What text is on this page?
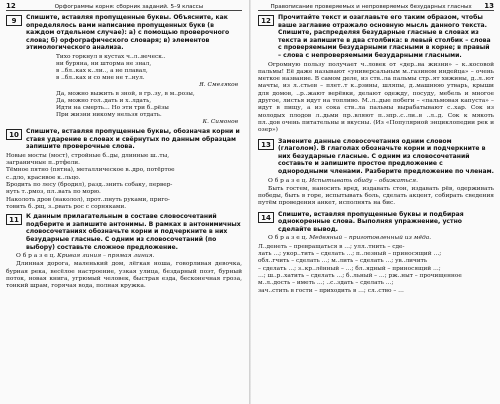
12	Орфограммы корня: сборник заданий. 5–9 классы
9	Спишите, вставляя пропущенные буквы. Объясните, как определялось вами написание пропущенных букв (в каждом отдельном случае): а) с помощью проверочного слова; б) орфографического словаря; в) элементов этимологического анализа.
Тихо горкнул в кустах ч..л..веческ..
ни буряна, ни шторма не знал,
в ..бл..ках к..ли.., а не плавал,
в ..бл..ках и со мне не т..нул.
Я. Смеляков
Да, можно выжить в зной, в гр..зу, в м..розы,
Да, можно гол..дать и х..лдать,
Идти на смерть… Но эти три б..рёзы
При жизни никому нельзя отдать.
К. Симонов
10	Спишите, вставляя пропущенные буквы, обозначая корни и ставя ударение в словах и свёрнутых по данным образцам запишите проверочные слова.
Новые мосты (мост), стройные б..ды, длинные ш..ты,
заграничные п..ртфели.
Тёмное пятно (пятна), металлическое в..дро, потёртое
с..дло, красивое к..льцо.
Бродить по лесу (бродил), разд..знить собаку, первер-
нуть т..рмоз, пл..вать по морю.
Наколоть дров (наколол), прот..пнуть руками, приго-
товить б..рщ, з..рвать рос с сорняками.
11	К данным прилагательным в составе словосочетаний подберите и запишите антонимы. В рамках в антонимичных словосочетаниях обозначьте корни и подчеркните в них безударные гласные. С одним из словосочетаний (по выбору) составьте сложное предложение.
О б р а з е ц. Кривая линия – прямая линия.
Длинная дорога, маленький дом, лёгкая ноша, говорливая девочка, бурная река, весёлое настроение, узкая улица, бездарный поэт, бурный поток, новая книга, угрюмый человек, быстрая езда, бесконечная гроза, тонкий шрам, горячая вода, полная кружка.
Правописание проверяемых и непроверяемых безударных гласных	13
12	Прочитайте текст и озаглавьте его таким образом, чтобы ваше заглавие отражало основную мысль данного текста. Спишите, распределяя безударные гласные в словах из текста и запишите в два столбика: в левый столбик – слова с проверяемыми безударными гласными в корне; в правый – слова с непроверяемыми безударными гласными.
Огромную пользу получает ч..ловек от «дер..ва жизни» – к..косовой пальмы! Её даже называют «универсальным м..газином индейца» – очень меткое название. В самом деле, из ств..ла пальмы стр..ят хижины, д..л..ют мачты, из л..стьев – плет..т к..рзины, шляпы, д..машнюю утварь, крыши для домов, ..р..жают верёвки, делают одежду, посуду, мебель и многое другое, листья идут на топливо. М..л..дые побеги – «пальмовая капуста» – идут в пищу, а из сока ств..ла пальмы вырабатывают с..хар. Сок из молодых плодов л..дьми пр..вляют п..зпр..с..ли..в ..л..д. Сок к мякоть пл..дов очень питательны и вкусны. (Из «Популярной энциклопедии рек и озер»)
13	Замените данные словосочетания одним словом (глаголом). В глаголах обозначьте корни и подчеркните в них безударные гласные. С одним из словосочетаний составьте и запишите простое предложение с однородными членами. Разберите предложение по членам.
О б р а з е ц. Испытывать обиду – обижаться.
Быть гостем, наносить вред, издавать стон, издавать рёв, одерживать победы, быть в горе, испытывать боль, сделать акцент, собирать сведения путём проведения анкет, исполнять на бис.
14	Спишите, вставляя пропущенные буквы и подбирая однокоренные слова. Выполняя упражнение, устно сделайте вывод.
О б р а з е ц. Медвяный – приготовленный из мёда.
Л..денеть – превращаться в …; улл..тнить – сде-
лать …; укор..тить – сделать …; п..лезный – приносящий …;
обл..гчить – сделать …; м..лить – сделать …; ув..личить
– сделать …; з..кр..лённый – …; бл..ядный – приносящий …;
…; ш..р..хатить – сделать …; б..льный – …; рж..ныт – прочищенное м..л..дость – иметь …; ..с..здать – сделать …;
зач..стить в гости – приходить в …; сл..ство – …
